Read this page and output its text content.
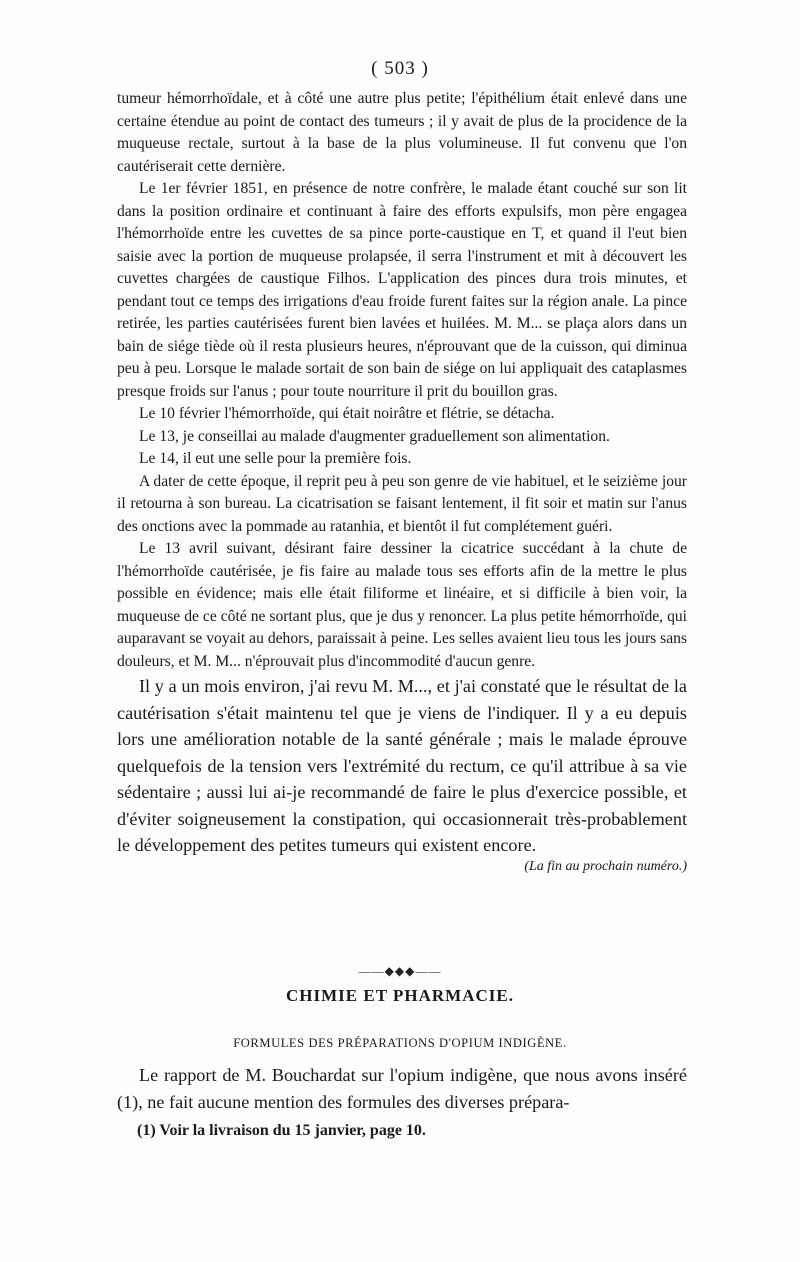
( 503 )

tumeur hémorrhoïdale, et à côté une autre plus petite; l'épithélium était enlevé dans une certaine étendue au point de contact des tumeurs ; il y avait de plus de la procidence de la muqueuse rectale, surtout à la base de la plus volumineuse. Il fut convenu que l'on cautériserait cette dernière.

Le 1er février 1851, en présence de notre confrère, le malade étant couché sur son lit dans la position ordinaire et continuant à faire des efforts expulsifs, mon père engagea l'hémorrhoïde entre les cuvettes de sa pince porte-caustique en T, et quand il l'eut bien saisie avec la portion de muqueuse prolapsée, il serra l'instrument et mit à découvert les cuvettes chargées de caustique Filhos. L'application des pinces dura trois minutes, et pendant tout ce temps des irrigations d'eau froide furent faites sur la région anale. La pince retirée, les parties cautérisées furent bien lavées et huilées. M. M... se plaça alors dans un bain de siége tiède où il resta plusieurs heures, n'éprouvant que de la cuisson, qui diminua peu à peu. Lorsque le malade sortait de son bain de siége on lui appliquait des cataplasmes presque froids sur l'anus ; pour toute nourriture il prit du bouillon gras.

Le 10 février l'hémorrhoïde, qui était noirâtre et flétrie, se détacha.

Le 13, je conseillai au malade d'augmenter graduellement son alimentation.

Le 14, il eut une selle pour la première fois.

A dater de cette époque, il reprit peu à peu son genre de vie habituel, et le seizième jour il retourna à son bureau. La cicatrisation se faisant lentement, il fit soir et matin sur l'anus des onctions avec la pommade au ratanhia, et bientôt il fut complétement guéri.

Le 13 avril suivant, désirant faire dessiner la cicatrice succédant à la chute de l'hémorrhoïde cautérisée, je fis faire au malade tous ses efforts afin de la mettre le plus possible en évidence; mais elle était filiforme et linéaire, et si difficile à bien voir, la muqueuse de ce côté ne sortant plus, que je dus y renoncer. La plus petite hémorrhoïde, qui auparavant se voyait au dehors, paraissait à peine. Les selles avaient lieu tous les jours sans douleurs, et M. M... n'éprouvait plus d'incommodité d'aucun genre.

Il y a un mois environ, j'ai revu M. M..., et j'ai constaté que le résultat de la cautérisation s'était maintenu tel que je viens de l'indiquer. Il y a eu depuis lors une amélioration notable de la santé générale ; mais le malade éprouve quelquefois de la tension vers l'extrémité du rectum, ce qu'il attribue à sa vie sédentaire ; aussi lui ai-je recommandé de faire le plus d'exercice possible, et d'éviter soigneusement la constipation, qui occasionnerait très-probablement le développement des petites tumeurs qui existent encore.

(La fin au prochain numéro.)
——◆◆◆——
CHIMIE ET PHARMACIE.
FORMULES DES PRÉPARATIONS D'OPIUM INDIGÈNE.

Le rapport de M. Bouchardat sur l'opium indigène, que nous avons inséré (1), ne fait aucune mention des formules des diverses prépara-

(1) Voir la livraison du 15 janvier, page 10.
